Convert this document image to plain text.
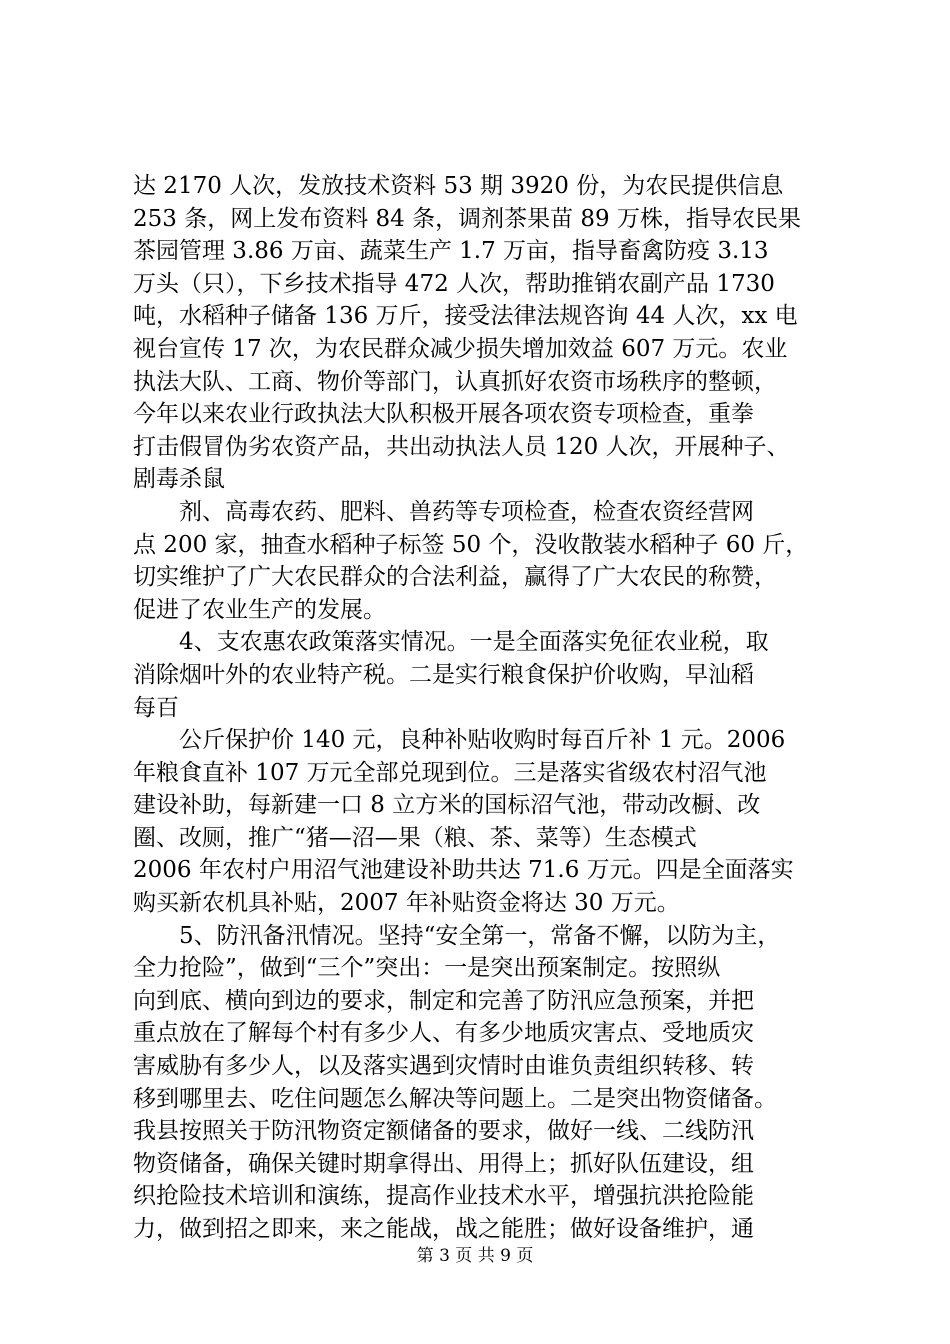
达 2170 人次，发放技术资料 53 期 3920 份，为农民提供信息
253 条，网上发布资料 84 条，调剂茶果苗 89 万株，指导农民果
茶园管理 3.86 万亩、蔬菜生产 1.7 万亩，指导畜禽防疫 3.13
万头（只），下乡技术指导 472 人次，帮助推销农副产品 1730
吨，水稻种子储备 136 万斤，接受法律法规咨询 44 人次，xx 电
视台宣传 17 次，为农民群众减少损失增加效益 607 万元。农业
执法大队、工商、物价等部门，认真抓好农资市场秩序的整顿，
今年以来农业行政执法大队积极开展各项农资专项检查，重拳
打击假冒伪劣农资产品，共出动执法人员 120 人次，开展种子、
剧毒杀鼠
剂、高毒农药、肥料、兽药等专项检查，检查农资经营网
点 200 家，抽查水稻种子标签 50 个，没收散装水稻种子 60 斤，
切实维护了广大农民群众的合法利益，赢得了广大农民的称赞，
促进了农业生产的发展。
4、支农惠农政策落实情况。一是全面落实免征农业税，取
消除烟叶外的农业特产税。二是实行粮食保护价收购，早汕稻
每百
公斤保护价 140 元，良种补贴收购时每百斤补 1 元。2006
年粮食直补 107 万元全部兑现到位。三是落实省级农村沼气池
建设补助，每新建一口 8 立方米的国标沼气池，带动改橱、改
圈、改厕，推广“猪—沼—果（粮、茶、菜等）生态模式
2006 年农村户用沼气池建设补助共达 71.6 万元。四是全面落实
购买新农机具补贴，2007 年补贴资金将达 30 万元。
5、防汛备汛情况。坚持“安全第一，常备不懈，以防为主，
全力抢险”，做到“三个”突出：一是突出预案制定。按照纵
向到底、横向到边的要求，制定和完善了防汛应急预案，并把
重点放在了解每个村有多少人、有多少地质灾害点、受地质灾
害威胁有多少人，以及落实遇到灾情时由谁负责组织转移、转
移到哪里去、吃住问题怎么解决等问题上。二是突出物资储备。
我县按照关于防汛物资定额储备的要求，做好一线、二线防汛
物资储备，确保关键时期拿得出、用得上；抓好队伍建设，组
织抢险技术培训和演练，提高作业技术水平，增强抗洪抢险能
力，做到招之即来，来之能战，战之能胜；做好设备维护，通
第 3 页 共 9 页
